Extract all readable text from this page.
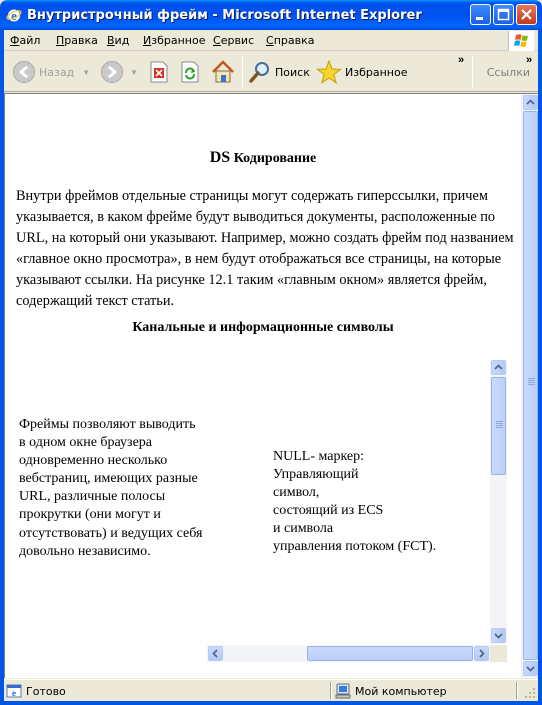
e Внутристрочный фрейм - Microsoft Internet Explorer
Файл Правка Вид Избранное Сервис Справка
Назад ▼	▼	Поиск	Избранное
»
Ссылки
»
DS Кодирование
Внутри фреймов отдельные страницы могут содержать гиперссылки, причем указывается, в каком фрейме будут выводиться документы, расположенные по URL, на который они указывают. Например, можно создать фрейм под названием «главное окно просмотра», в нем будут отображаться все страницы, на которые указывают ссылки. На рисунке 12.1 таким «главным окном» является фрейм, содержащий текст статьи.
Канальные и информационные символы
Фреймы позволяют выводить в одном окне браузера одновременно несколько вебстраниц, имеющих разные URL, различные полосы прокрутки (они могут и отсутствовать) и ведущих себя довольно независимо.
NULL- маркер:
Управляющий
символ,
состоящий из ECS
и символа
управления потоком (FCT).
e Готово	Мой компьютер
